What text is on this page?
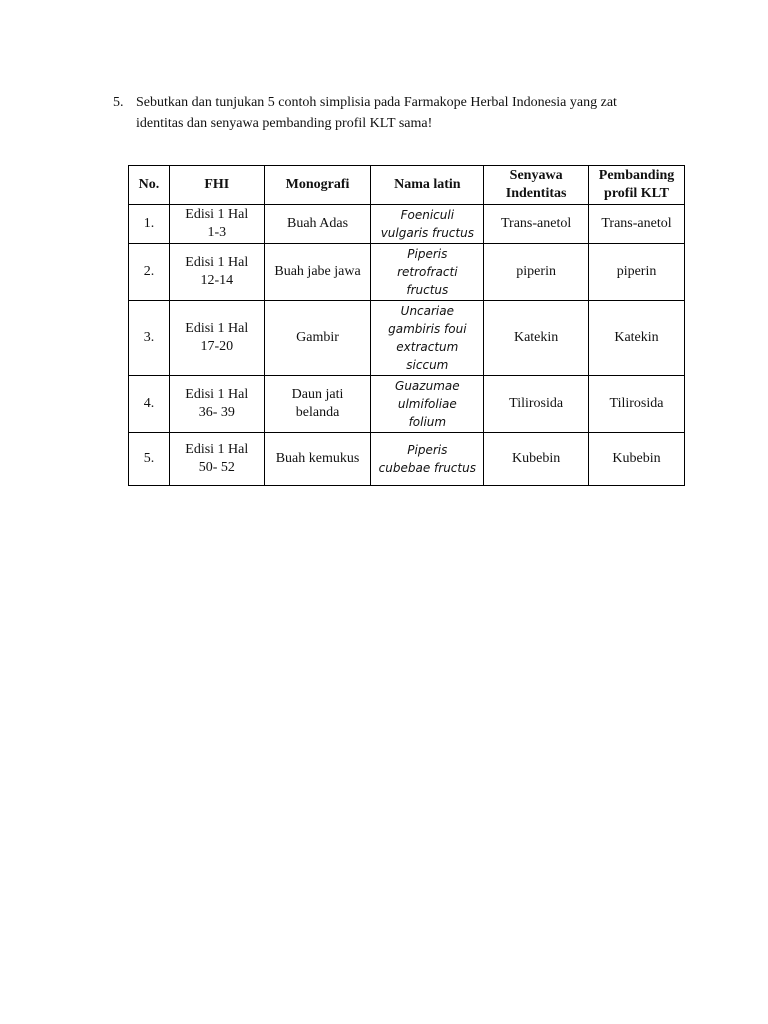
5. Sebutkan dan tunjukan 5 contoh simplisia pada Farmakope Herbal Indonesia yang zat
identitas dan senyawa pembanding profil KLT sama!
No.	FHI	Monografi	Nama latin	Senyawa
Indentitas	Pembanding
profil KLT

1.	Edisi 1 Hal
1-3	Buah Adas	Foeniculi
vulgaris fructus	Trans-anetol	Trans-anetol
2.	Edisi 1 Hal
12-14	Buah jabe jawa	Piperis
retrofracti
fructus	piperin	piperin
3.	Edisi 1 Hal
17-20	Gambir	Uncariae
gambiris foui
extractum
siccum	Katekin	Katekin
4.	Edisi 1 Hal
36- 39	Daun jati
belanda	Guazumae
ulmifoliae
folium	Tilirosida	Tilirosida
5.	Edisi 1 Hal
50- 52	Buah kemukus	Piperis
cubebae fructus	Kubebin	Kubebin
